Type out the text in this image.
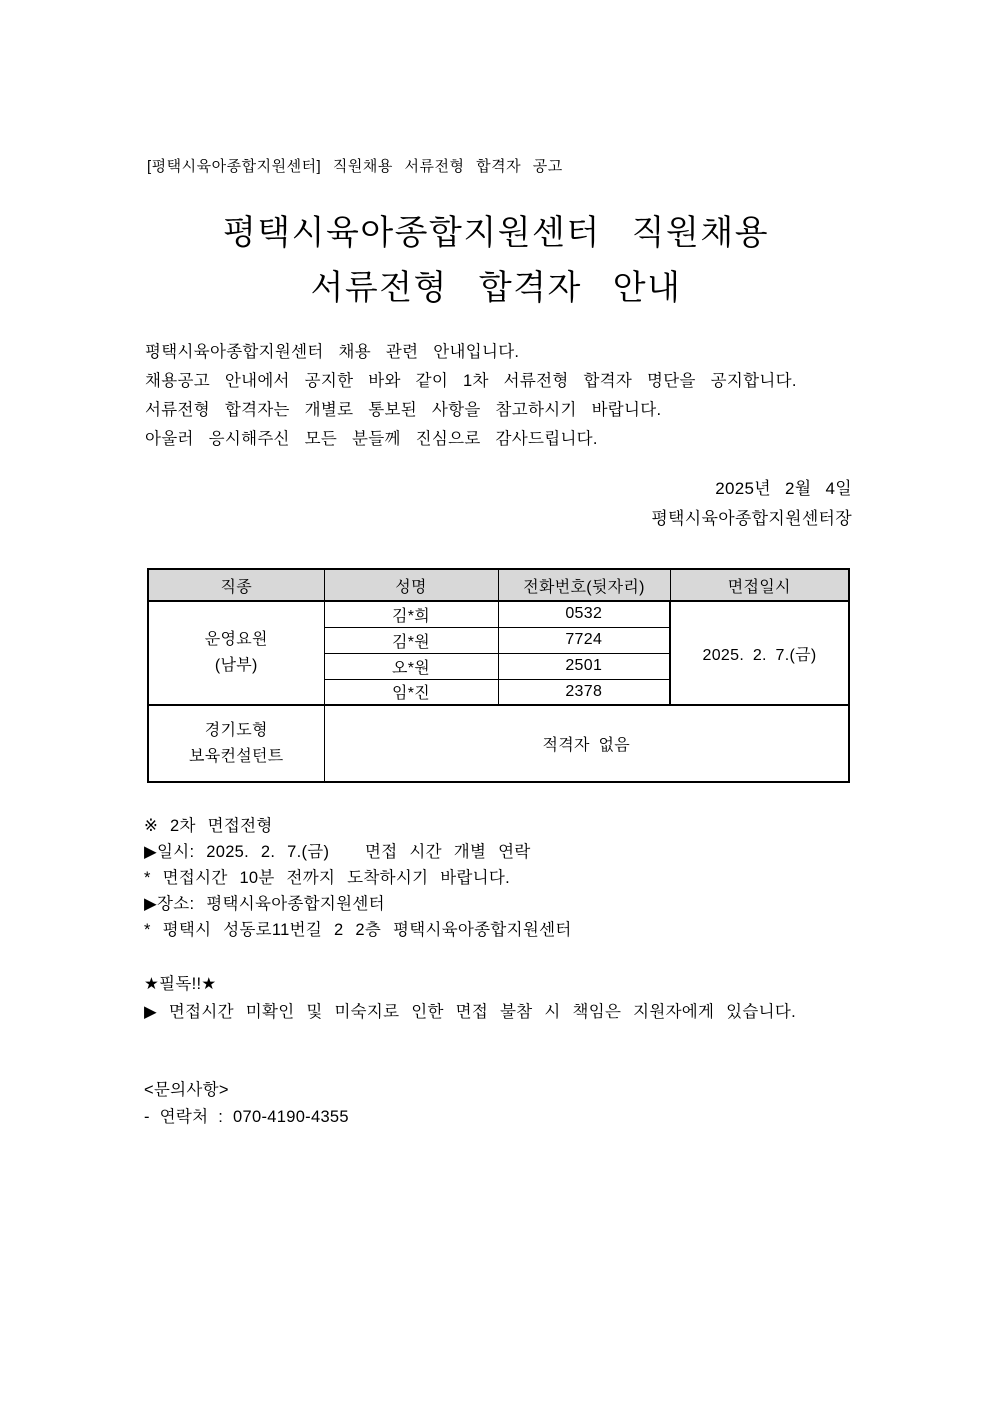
[평택시육아종합지원센터] 직원채용 서류전형 합격자 공고
평택시육아종합지원센터 직원채용
서류전형 합격자 안내
평택시육아종합지원센터 채용 관련 안내입니다.
채용공고 안내에서 공지한 바와 같이 1차 서류전형 합격자 명단을 공지합니다.
서류전형 합격자는 개별로 통보된 사항을 참고하시기 바랍니다.
아울러 응시해주신 모든 분들께 진심으로 감사드립니다.
2025년 2월 4일
평택시육아종합지원센터장
직종	성명	전화번호(뒷자리)	면접일시

운영요원
(남부)	김*희	0532	2025. 2. 7.(금)
	김*원	7724	
	오*원	2501	
	임*진	2378	

경기도형
보육컨설턴트	적격자 없음		
※ 2차 면접전형
▶일시: 2025. 2. 7.(금)   면접 시간 개별 연락
* 면접시간 10분 전까지 도착하시기 바랍니다.
▶장소: 평택시육아종합지원센터
* 평택시 성동로11번길 2 2층 평택시육아종합지원센터
★필독!!★
▶ 면접시간 미확인 및 미숙지로 인한 면접 불참 시 책임은 지원자에게 있습니다.
<문의사항>
- 연락처 : 070-4190-4355
